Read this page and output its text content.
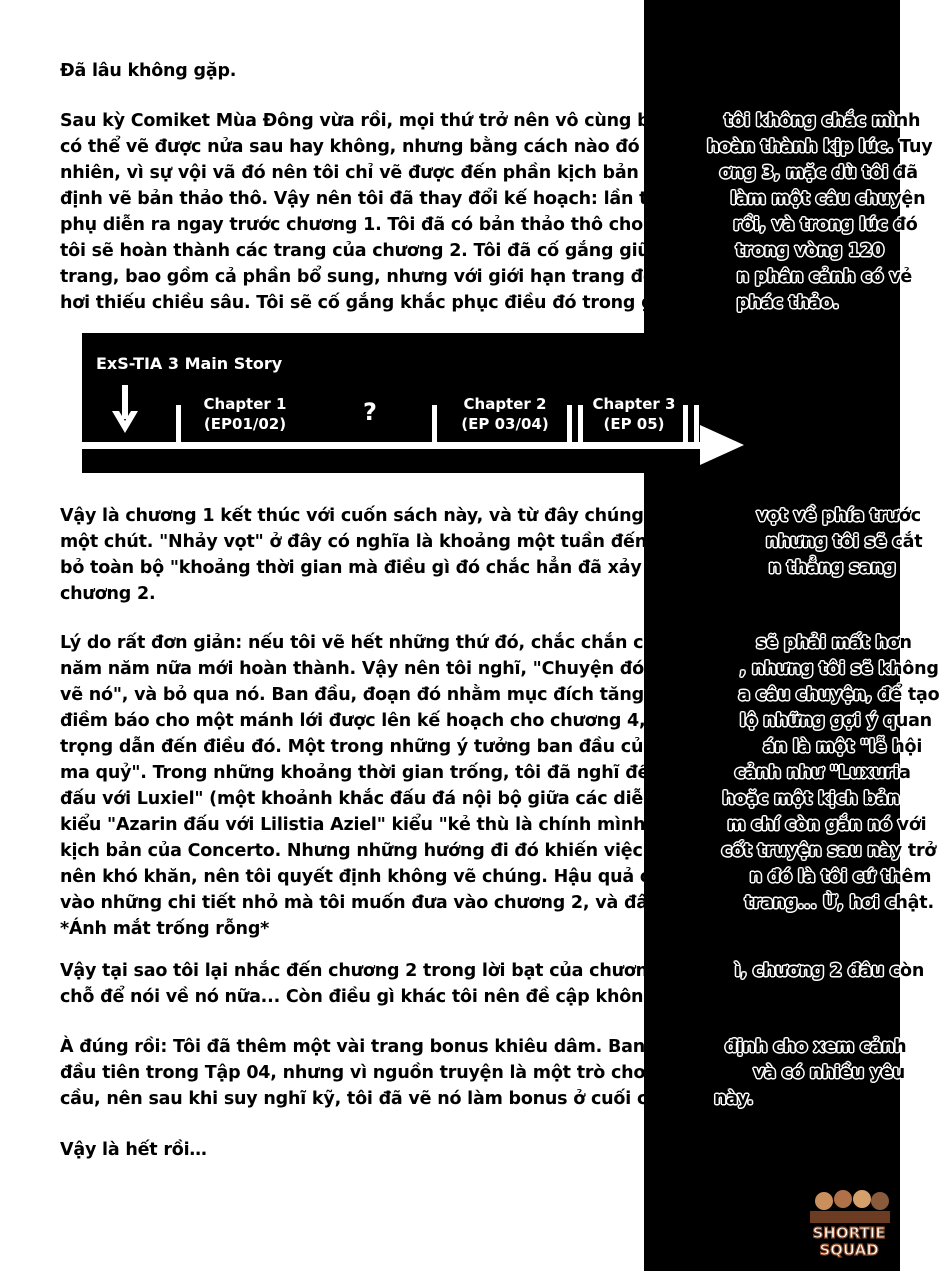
Đã lâu không gặp.
Sau kỳ Comiket Mùa Đông vừa rồi, mọi thứ trở nên vô cùng bận rộn, tôi không chắc mình
có thể vẽ được nửa sau hay không, nhưng bằng cách nào đó tôi đã hoàn thành kịp lúc. Tuy
nhiên, vì sự vội vã đó nên tôi chỉ vẽ được đến phần kịch bản cho chương 3, mặc dù tôi đã
định vẽ bản thảo thô. Vậy nên tôi đã thay đổi kế hoạch: lần tới tôi sẽ làm một câu chuyện
phụ diễn ra ngay trước chương 1. Tôi đã có bản thảo thô cho phần đó rồi, và trong lúc đó
tôi sẽ hoàn thành các trang của chương 2. Tôi đã cố gắng giữ mọi thứ trong vòng 120
trang, bao gồm cả phần bổ sung, nhưng với giới hạn trang đó, kịch bản phân cảnh có vẻ
hơi thiếu chiều sâu. Tôi sẽ cố gắng khắc phục điều đó trong giai đoạn phác thảo.
ExS-TIA 3 Main Story
Chapter 1
(EP01/02)	?	Chapter 2
(EP 03/04)
Chapter 3
(EP 05)
Vậy là chương 1 kết thúc với cuốn sách này, và từ đây chúng ta sẽ nhảy vọt về phía trước
một chút. "Nhảy vọt" ở đây có nghĩa là khoảng một tuần đến một tháng, nhưng tôi sẽ cắt
bỏ toàn bộ "khoảng thời gian mà điều gì đó chắc hẳn đã xảy ra" và chuyển thẳng sang
chương 2.
Lý do rất đơn giản: nếu tôi vẽ hết những thứ đó, chắc chắn chương cuối sẽ phải mất hơn
năm năm nữa mới hoàn thành. Vậy nên tôi nghĩ, "Chuyện đó đã xảy ra, nhưng tôi sẽ không
vẽ nó", và bỏ qua nó. Ban đầu, đoạn đó nhằm mục đích tăng tốc độ của câu chuyện, để tạo
điềm báo cho một mánh lới được lên kế hoạch cho chương 4, và để hé lộ những gợi ý quan
trọng dẫn đến điều đó. Một trong những ý tưởng ban đầu của tôi cho dự án là một "lễ hội
ma quỷ". Trong những khoảng thời gian trống, tôi đã nghĩ đến những cảnh như "Luxuria
đấu với Luxiel" (một khoảnh khắc đấu đá nội bộ giữa các diễn viên), hoặc một kịch bản
kiểu "Azarin đấu với Lilistia Aziel" kiểu "kẻ thù là chính mình", và thậm chí còn gắn nó với
kịch bản của Concerto. Nhưng những hướng đi đó khiến việc kết nối cốt truyện sau này trở
nên khó khăn, nên tôi quyết định không vẽ chúng. Hậu quả của lựa chọn đó là tôi cứ thêm
vào những chi tiết nhỏ mà tôi muốn đưa vào chương 2, và đây rồi. 120 trang... Ừ, hơi chật.
*Ánh mắt trống rỗng*
Vậy tại sao tôi lại nhắc đến chương 2 trong lời bạt của chương 1? Ừ thì, chương 2 đâu còn
chỗ để nói về nó nữa... Còn điều gì khác tôi nên đề cập không?
À đúng rồi: Tôi đã thêm một vài trang bonus khiêu dâm. Ban đầu tôi định cho xem cảnh
đầu tiên trong Tập 04, nhưng vì nguồn truyện là một trò chơi người lớn và có nhiều yêu
cầu, nên sau khi suy nghĩ kỹ, tôi đã vẽ nó làm bonus ở cuối chương này.
Vậy là hết rồi…
SHORTIE
SQUAD
